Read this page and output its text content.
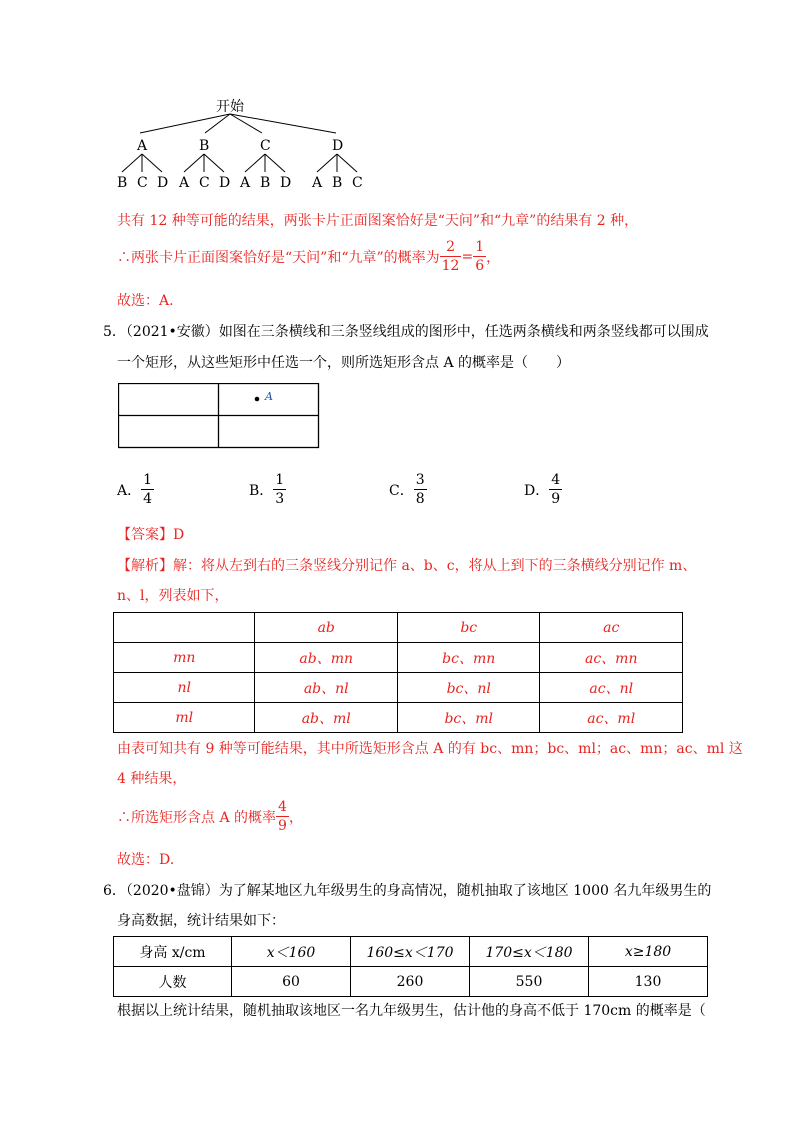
开始
A	B	C	D
B C D A C D A B D A B C
共有 12 种等可能的结果，两张卡片正面图案恰好是“天问”和“九章”的结果有 2 种，
∴两张卡片正面图案恰好是“天问”和“九章”的概率为 $\frac{2}{12} = \frac{1}{6}$ ，
故选：A.
5．（2021•安徽）如图在三条横线和三条竖线组成的图形中，任选两条横线和两条竖线都可以围成
一个矩形，从这些矩形中任选一个，则所选矩形含点 A 的概率是（　　）
A
A． $\frac{1}{4}$	B． $\frac{1}{3}$	C． $\frac{3}{8}$	D． $\frac{4}{9}$
【答案】D
【解析】解：将从左到右的三条竖线分别记作 a、b、c，将从上到下的三条横线分别记作 m、
n、l，列表如下，
	ab	bc	ac
mn	ab、mn	bc、mn	ac、mn
nl	ab、nl	bc、nl	ac、nl
ml	ab、ml	bc、ml	ac、ml
由表可知共有 9 种等可能结果，其中所选矩形含点 A 的有 bc、mn；bc、ml；ac、mn；ac、ml 这
4 种结果，
∴所选矩形含点 A 的概率 $\frac{4}{9}$ ，
故选：D.
6．（2020•盘锦）为了解某地区九年级男生的身高情况，随机抽取了该地区 1000 名九年级男生的
身高数据，统计结果如下：
身高 x/cm	x＜160	160≤x＜170	170≤x＜180	x≥180
人数	60	260	550	130
根据以上统计结果，随机抽取该地区一名九年级男生，估计他的身高不低于 170cm 的概率是（
